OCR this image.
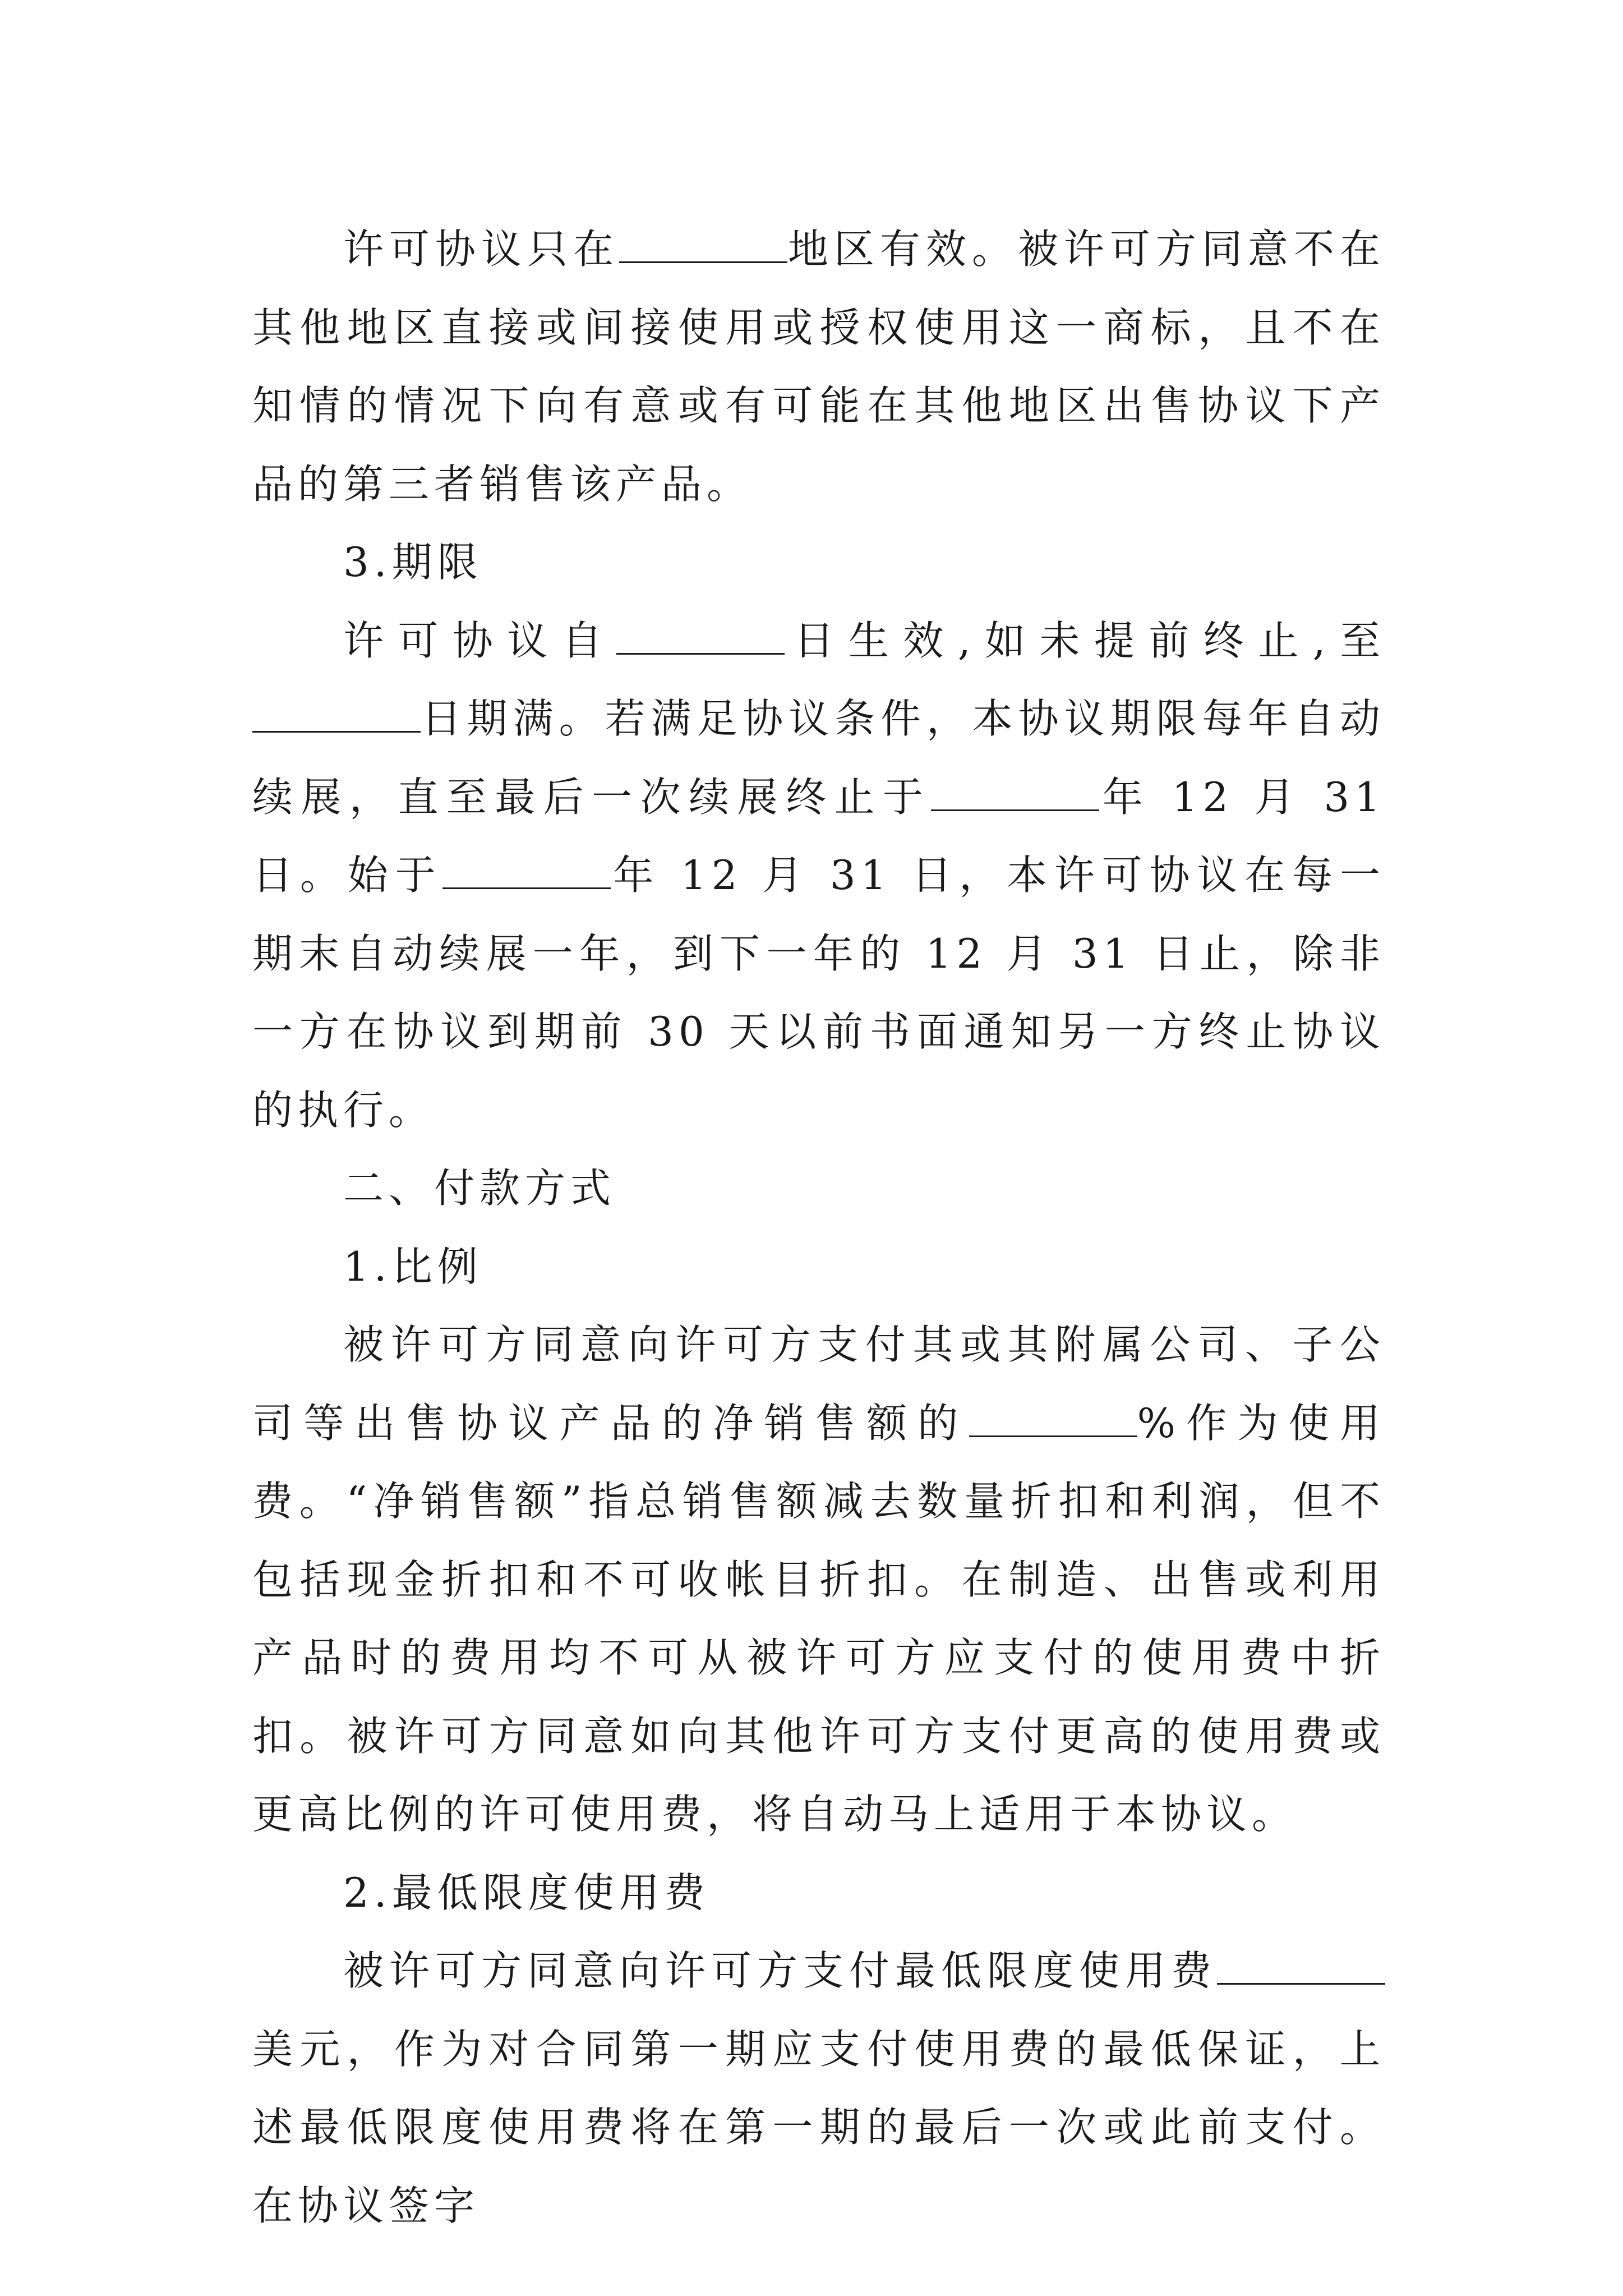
许可协议只在	地区有效。被许可方同意不在其他地区直接或间接使用或授权使用这一商标，且不在知情的情况下向有意或有可能在其他地区出售协议下产品的第三者销售该产品。

3.期限

许可协议自	日生效,如未提前终止,至日期满。若满足协议条件，本协议期限每年自动续展，直至最后一次续展终止于	年 12 月 31 日。始于	年 12 月 31 日，本许可协议在每一期末自动续展一年，到下一年的 12 月 31 日止，除非一方在协议到期前 30 天以前书面通知另一方终止协议的执行。

二、付款方式

1.比例

被许可方同意向许可方支付其或其附属公司、子公司等出售协议产品的净销售额的	%作为使用费。“净销售额”指总销售额减去数量折扣和利润，但不包括现金折扣和不可收帐目折扣。在制造、出售或利用产品时的费用均不可从被许可方应支付的使用费中折扣。被许可方同意如向其他许可方支付更高的使用费或更高比例的许可使用费，将自动马上适用于本协议。

2.最低限度使用费

被许可方同意向许可方支付最低限度使用费美元，作为对合同第一期应支付使用费的最低保证，上述最低限度使用费将在第一期的最后一次或此前支付。在协议签字
